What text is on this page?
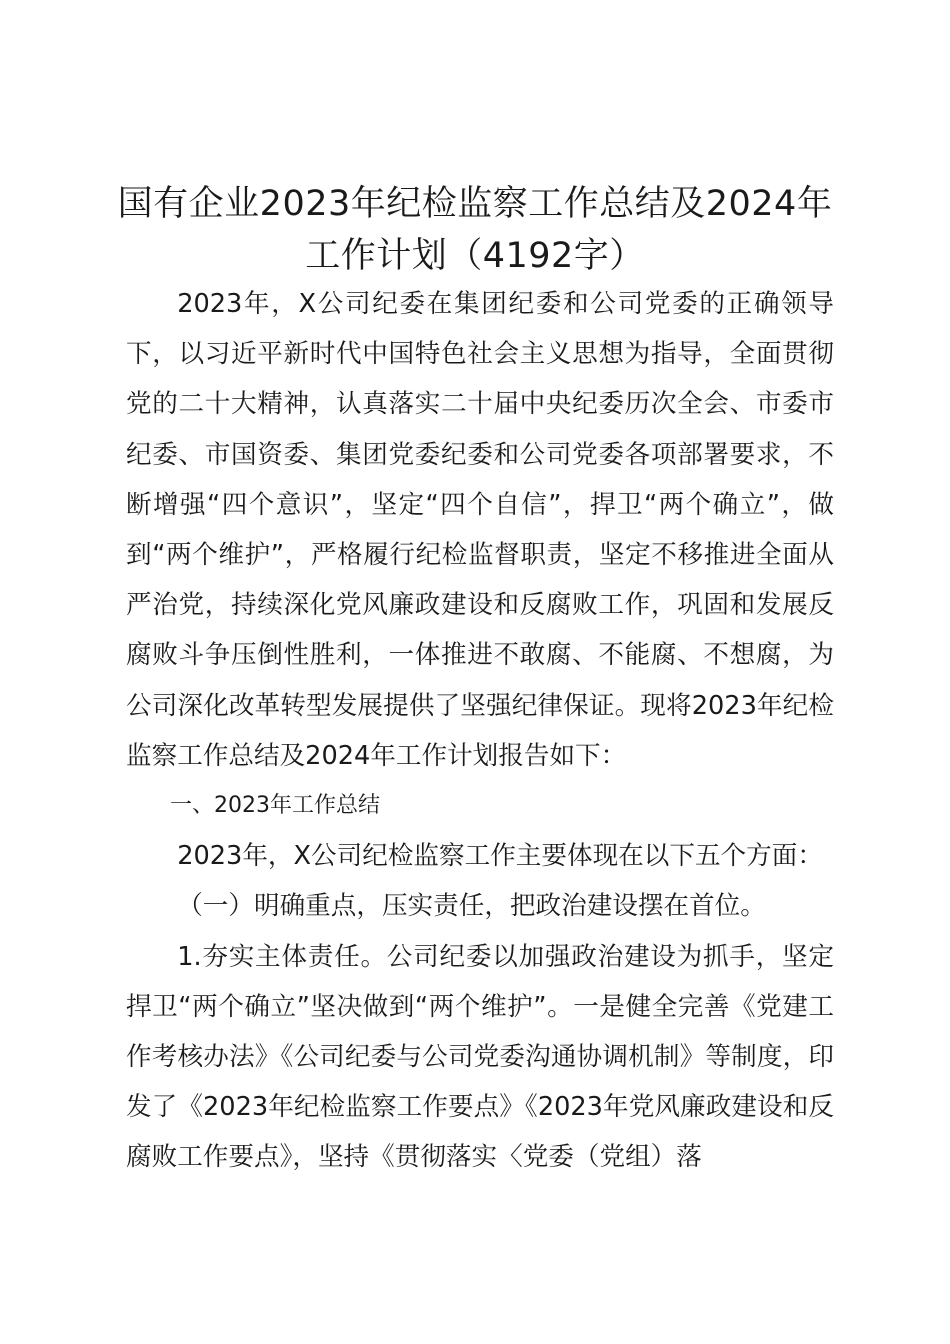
国有企业2023年纪检监察工作总结及2024年工作计划（4192字）

2023年，X公司纪委在集团纪委和公司党委的正确领导下，以习近平新时代中国特色社会主义思想为指导，全面贯彻党的二十大精神，认真落实二十届中央纪委历次全会、市委市纪委、市国资委、集团党委纪委和公司党委各项部署要求，不断增强“四个意识”，坚定“四个自信”，捍卫“两个确立”，做到“两个维护”，严格履行纪检监督职责，坚定不移推进全面从严治党，持续深化党风廉政建设和反腐败工作，巩固和发展反腐败斗争压倒性胜利，一体推进不敢腐、不能腐、不想腐，为公司深化改革转型发展提供了坚强纪律保证。现将2023年纪检监察工作总结及2024年工作计划报告如下：

一、2023年工作总结

2023年，X公司纪检监察工作主要体现在以下五个方面：

（一）明确重点，压实责任，把政治建设摆在首位。

1.夯实主体责任。公司纪委以加强政治建设为抓手，坚定捍卫“两个确立”坚决做到“两个维护”。一是健全完善《党建工作考核办法》《公司纪委与公司党委沟通协调机制》等制度，印发了《2023年纪检监察工作要点》《2023年党风廉政建设和反腐败工作要点》，坚持《贯彻落实〈党委（党组）落
